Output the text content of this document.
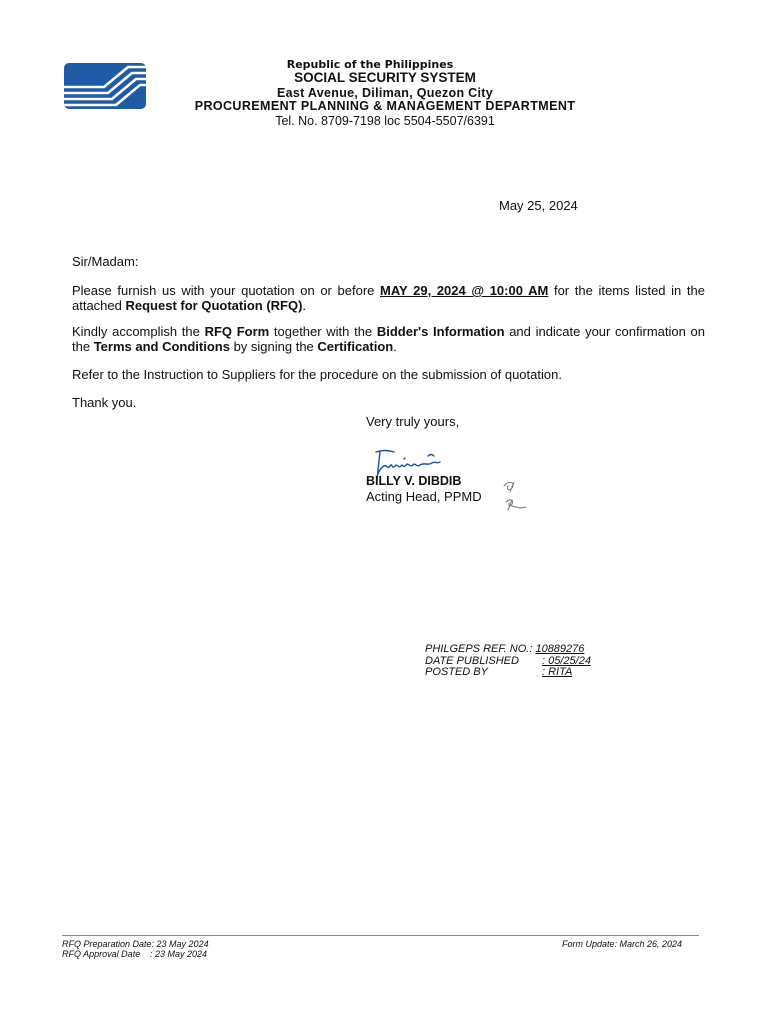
Republic of the Philippines
SOCIAL SECURITY SYSTEM
East Avenue, Diliman, Quezon City
PROCUREMENT PLANNING & MANAGEMENT DEPARTMENT
Tel. No. 8709-7198 loc 5504-5507/6391
May 25, 2024

Sir/Madam:

Please furnish us with your quotation on or before MAY 29, 2024 @ 10:00 AM for the items listed in the attached Request for Quotation (RFQ).

Kindly accomplish the RFQ Form together with the Bidder's Information and indicate your confirmation on the Terms and Conditions by signing the Certification.

Refer to the Instruction to Suppliers for the procedure on the submission of quotation.

Thank you.

Very truly yours,
BILLY V. DIBDIB
Acting Head, PPMD
PHILGEPS REF. NO.: 10889276
DATE PUBLISHED : 05/25/24
POSTED BY	: RITA
RFQ Preparation Date: 23 May 2024
RFQ Approval Date : 23 May 2024
Form Update: March 26, 2024
